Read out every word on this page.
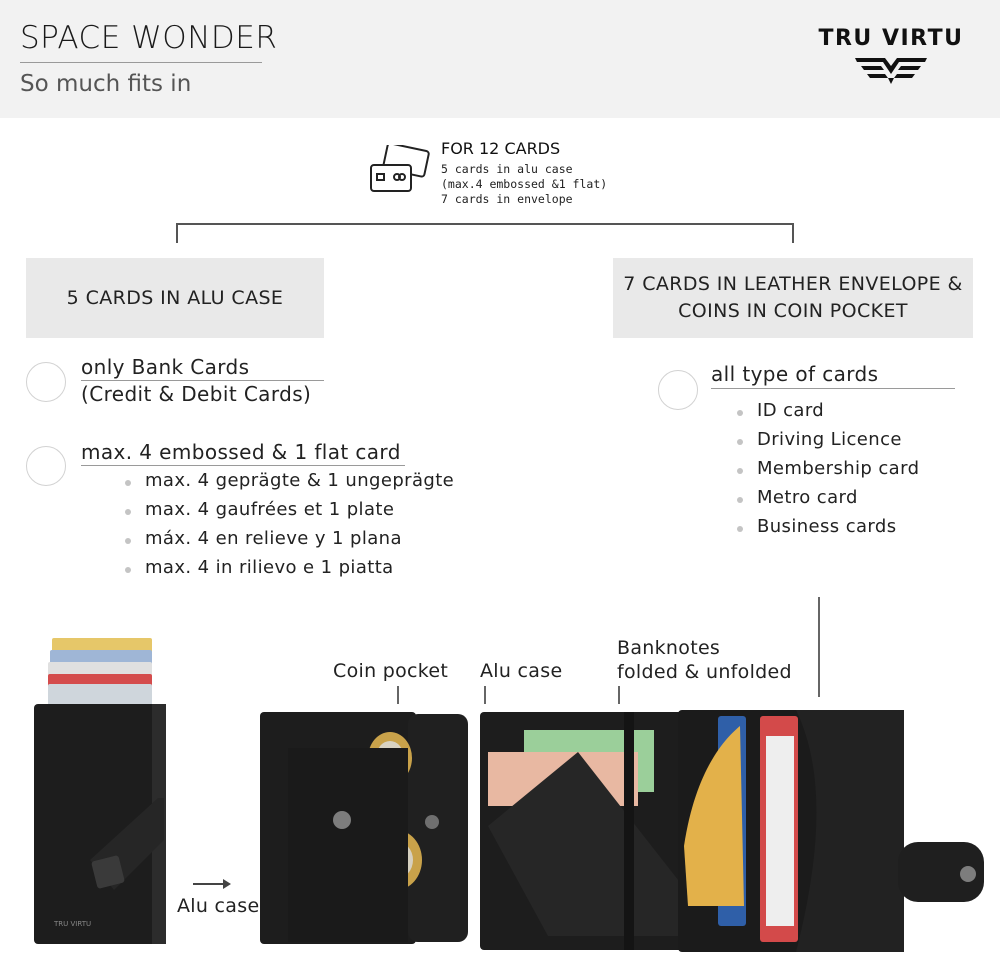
SPACE WONDER
So much fits in
TRU VIRTU
FOR 12 CARDS
5 cards in alu case
(max.4 embossed &1 flat)
7 cards in envelope
5 CARDS IN ALU CASE
only Bank Cards
(Credit & Debit Cards)
max. 4 embossed & 1 flat card
max. 4 geprägte & 1 ungeprägte
max. 4 gaufrées et 1 plate
máx. 4 en relieve y 1 plana
max. 4 in rilievo e 1 piatta
7 CARDS IN LEATHER ENVELOPE &
COINS IN COIN POCKET
all type of cards
ID card
Driving Licence
Membership card
Metro card
Business cards
Coin pocket Alu case
Banknotes
folded & unfolded
Alu case
TRU VIRTU
